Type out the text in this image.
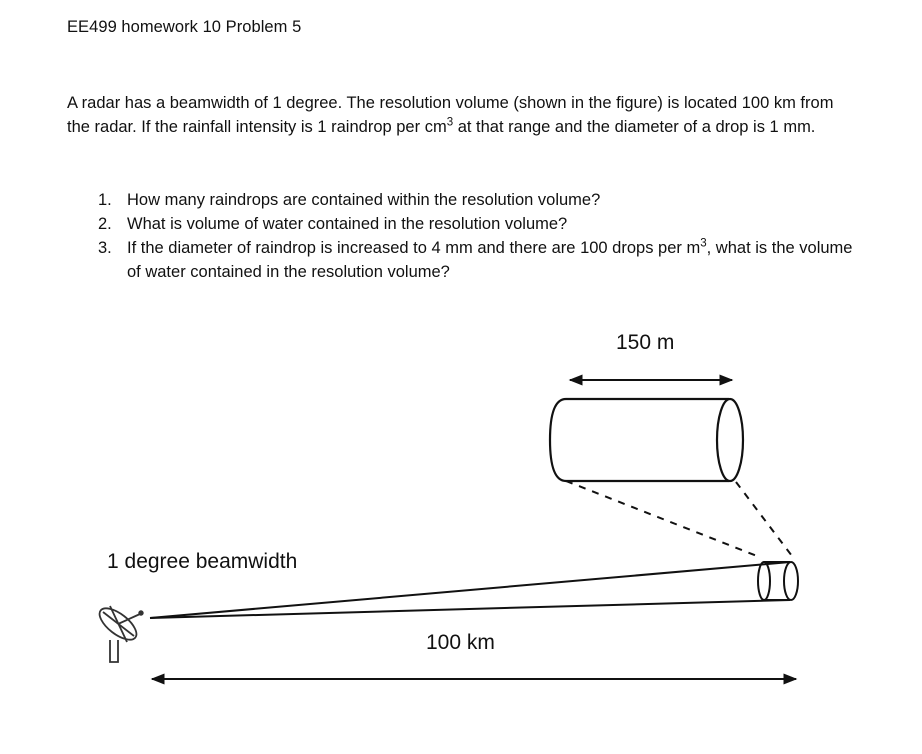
EE499 homework 10 Problem 5

A radar has a beamwidth of 1 degree. The resolution volume (shown in the figure) is located 100 km from the radar. If the rainfall intensity is 1 raindrop per $cm^3$ at that range and the diameter of a drop is 1 mm.

1. How many raindrops are contained within the resolution volume?
2. What is volume of water contained in the resolution volume?
3. If the diameter of raindrop is increased to 4 mm and there are 100 drops per $m^3$, what is the volume of water contained in the resolution volume?
150 m
1 degree beamwidth
100 km
